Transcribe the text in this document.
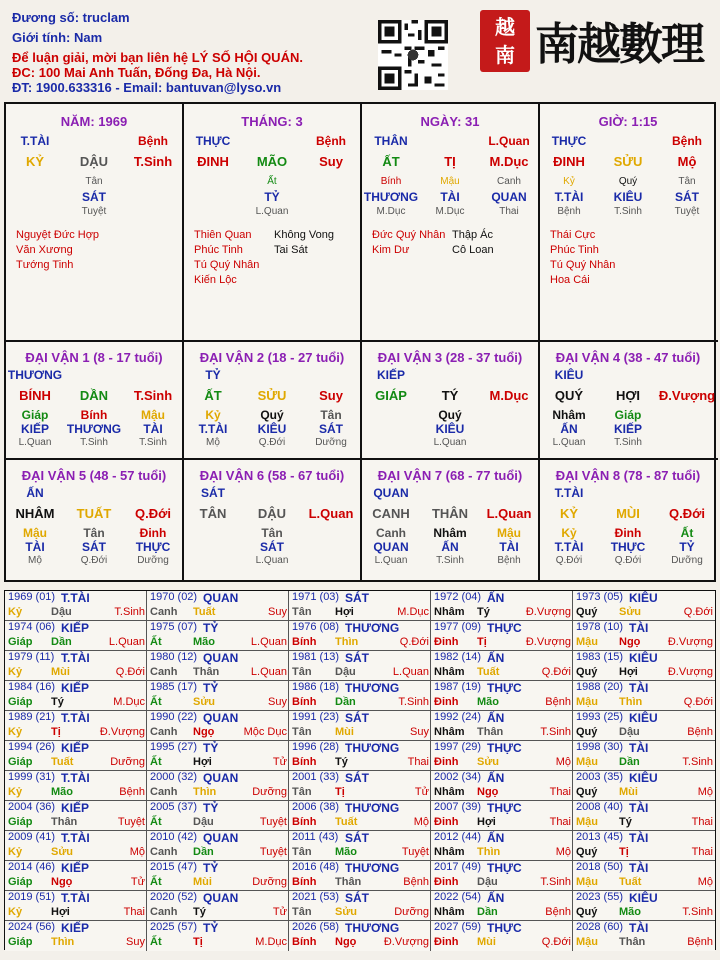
Đương số: truclam
Giới tính: Nam
Để luận giải, mời bạn liên hệ LÝ SỐ HỘI QUÁN.
ĐC: 100 Mai Anh Tuấn, Đống Đa, Hà Nội.
ĐT: 1900.633316 - Email: bantuvan@lyso.vn
越
南 南越數理
NĂM: 1969
T.TÀI	Bệnh
KỶ	DẬU	T.Sinh
Tân
SÁT
Tuyệt
Nguyệt Đức Hợp
Văn Xương
Tướng Tinh
THÁNG: 3
THỰC	Bệnh
ĐINH	MÃO	Suy
Ất
TỶ
L.Quan
Thiên Quan
Phúc Tinh
Tú Quý Nhân
Kiến Lộc
Không Vong
Tai Sát
NGÀY: 31
THÂN	L.Quan
ẤT	TỊ	M.Dục
Bính	Mậu	Canh
THƯƠNG	TÀI	QUAN
M.Dục	M.Dục	Thai
Đức Quý Nhân
Kim Dư
Thập Ác
Cô Loan
GIỜ: 1:15
THỰC	Bệnh
ĐINH	SỬU	Mộ
Kỷ	Quý	Tân
T.TÀI	KIÊU	SÁT
Bệnh	T.Sinh	Tuyệt
Thái Cực
Phúc Tinh
Tú Quý Nhân
Hoa Cái
ĐẠI VẬN 1 (8 - 17 tuổi)
THƯƠNG
BÍNH	DẦN	T.Sinh
Giáp	Bính	Mậu
KIẾP	THƯƠNG	TÀI
L.Quan	T.Sinh	T.Sinh
ĐẠI VẬN 2 (18 - 27 tuổi)
TỶ
ẤT	SỬU	Suy
Kỷ	Quý	Tân
T.TÀI	KIÊU	SÁT
Mộ	Q.Đới	Dưỡng
ĐẠI VẬN 3 (28 - 37 tuổi)
KIẾP
GIÁP	TÝ	M.Dục
Quý
KIÊU
L.Quan
ĐẠI VẬN 4 (38 - 47 tuổi)
KIÊU
QUÝ	HỢI	Đ.Vượng
Nhâm	Giáp
ẤN	KIẾP
L.Quan	T.Sinh
ĐẠI VẬN 5 (48 - 57 tuổi)
ẤN
NHÂM	TUẤT	Q.Đới
Mậu	Tân	Đinh
TÀI	SÁT	THỰC
Mộ	Q.Đới	Dưỡng
ĐẠI VẬN 6 (58 - 67 tuổi)
SÁT
TÂN	DẬU	L.Quan
Tân
SÁT
L.Quan
ĐẠI VẬN 7 (68 - 77 tuổi)
QUAN
CANH	THÂN	L.Quan
Canh	Nhâm	Mậu
QUAN	ẤN	TÀI
L.Quan	T.Sinh	Bệnh
ĐẠI VẬN 8 (78 - 87 tuổi)
T.TÀI
KỶ	MÙI	Q.Đới
Kỷ	Đinh	Ất
T.TÀI	THỰC	TỶ
Q.Đới	Q.Đới	Dưỡng
1969 (01) T.TÀI
Kỷ	Dậu	T.Sinh
1970 (02) QUAN
Canh Tuất	Suy
1971 (03) SÁT
Tân Hợi	M.Dục
1972 (04) ẤN
Nhâm Tý	Đ.Vượng
1973 (05) KIÊU
Quý Sửu	Q.Đới
1974 (06) KIẾP
Giáp Dần	L.Quan
1975 (07) TỶ
Ất	Mão	L.Quan
1976 (08) THƯƠNG
Bính Thìn	Q.Đới
1977 (09) THỰC
Đinh Tị	Đ.Vượng
1978 (10) TÀI
Mậu Ngọ	Đ.Vượng
1979 (11) T.TÀI
Kỷ	Mùi	Q.Đới
1980 (12) QUAN
Canh Thân	L.Quan
1981 (13) SÁT
Tân Dậu	L.Quan
1982 (14) ẤN
Nhâm Tuất	Q.Đới
1983 (15) KIÊU
Quý Hợi	Đ.Vượng
1984 (16) KIẾP
Giáp Tý	M.Dục
1985 (17) TỶ
Ất	Sửu	Suy
1986 (18) THƯƠNG
Bính Dần	T.Sinh
1987 (19) THỰC
Đinh Mão	Bệnh
1988 (20) TÀI
Mậu Thìn	Q.Đới
1989 (21) T.TÀI
Kỷ	Tị	Đ.Vượng
1990 (22) QUAN
Canh Ngọ	Mộc Dục
1991 (23) SÁT
Tân Mùi	Suy
1992 (24) ẤN
Nhâm Thân	T.Sinh
1993 (25) KIÊU
Quý Dậu	Bệnh
1994 (26) KIẾP
Giáp Tuất	Dưỡng
1995 (27) TỶ
Ất	Hợi	Tử
1996 (28) THƯƠNG
Bính Tý	Thai
1997 (29) THỰC
Đinh Sửu	Mộ
1998 (30) TÀI
Mậu Dần	T.Sinh
1999 (31) T.TÀI
Kỷ	Mão	Bệnh
2000 (32) QUAN
Canh Thìn	Dưỡng
2001 (33) SÁT
Tân Tị	Tử
2002 (34) ẤN
Nhâm Ngọ	Thai
2003 (35) KIÊU
Quý Mùi	Mộ
2004 (36) KIẾP
Giáp Thân	Tuyệt
2005 (37) TỶ
Ất	Dậu	Tuyệt
2006 (38) THƯƠNG
Bính Tuất	Mộ
2007 (39) THỰC
Đinh Hợi	Thai
2008 (40) TÀI
Mậu Tý	Thai
2009 (41) T.TÀI
Kỷ	Sửu	Mộ
2010 (42) QUAN
Canh Dần	Tuyệt
2011 (43) SÁT
Tân Mão	Tuyệt
2012 (44) ẤN
Nhâm Thìn	Mộ
2013 (45) TÀI
Quý Tị	Thai
2014 (46) KIẾP
Giáp Ngọ	Tử
2015 (47) TỶ
Ất	Mùi	Dưỡng
2016 (48) THƯƠNG
Bính Thân	Bệnh
2017 (49) THỰC
Đinh Dậu	T.Sinh
2018 (50) TÀI
Mậu Tuất	Mộ
2019 (51) T.TÀI
Kỷ	Hợi	Thai
2020 (52) QUAN
Canh Tý	Tử
2021 (53) SÁT
Tân Sửu	Dưỡng
2022 (54) ẤN
Nhâm Dần	Bệnh
2023 (55) KIÊU
Quý Mão	T.Sinh
2024 (56) KIẾP
Giáp Thìn	Suy
2025 (57) TỶ
Ất	Tị	M.Dục
2026 (58) THƯƠNG
Bính Ngọ	Đ.Vượng
2027 (59) THỰC
Đinh Mùi	Q.Đới
2028 (60) TÀI
Mậu Thân	Bệnh
